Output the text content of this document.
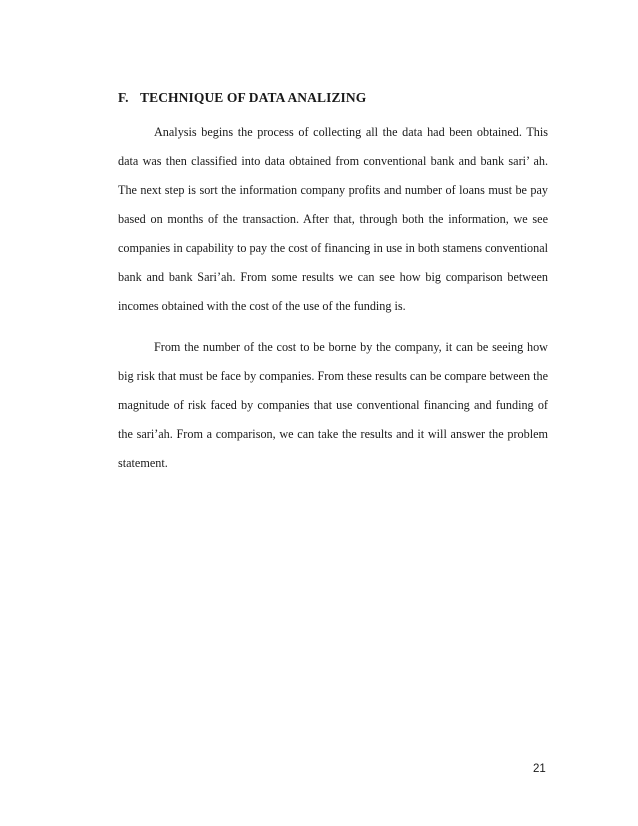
F. TECHNIQUE OF DATA ANALIZING

Analysis begins the process of collecting all the data had been obtained. This data was then classified into data obtained from conventional bank and bank sari’ ah. The next step is sort the information company profits and number of loans must be pay based on months of the transaction. After that, through both the information, we see companies in capability to pay the cost of financing in use in both stamens conventional bank and bank Sari’ah. From some results we can see how big comparison between incomes obtained with the cost of the use of the funding is.

From the number of the cost to be borne by the company, it can be seeing how big risk that must be face by companies. From these results can be compare between the magnitude of risk faced by companies that use conventional financing and funding of the sari’ah. From a comparison, we can take the results and it will answer the problem statement.

21
